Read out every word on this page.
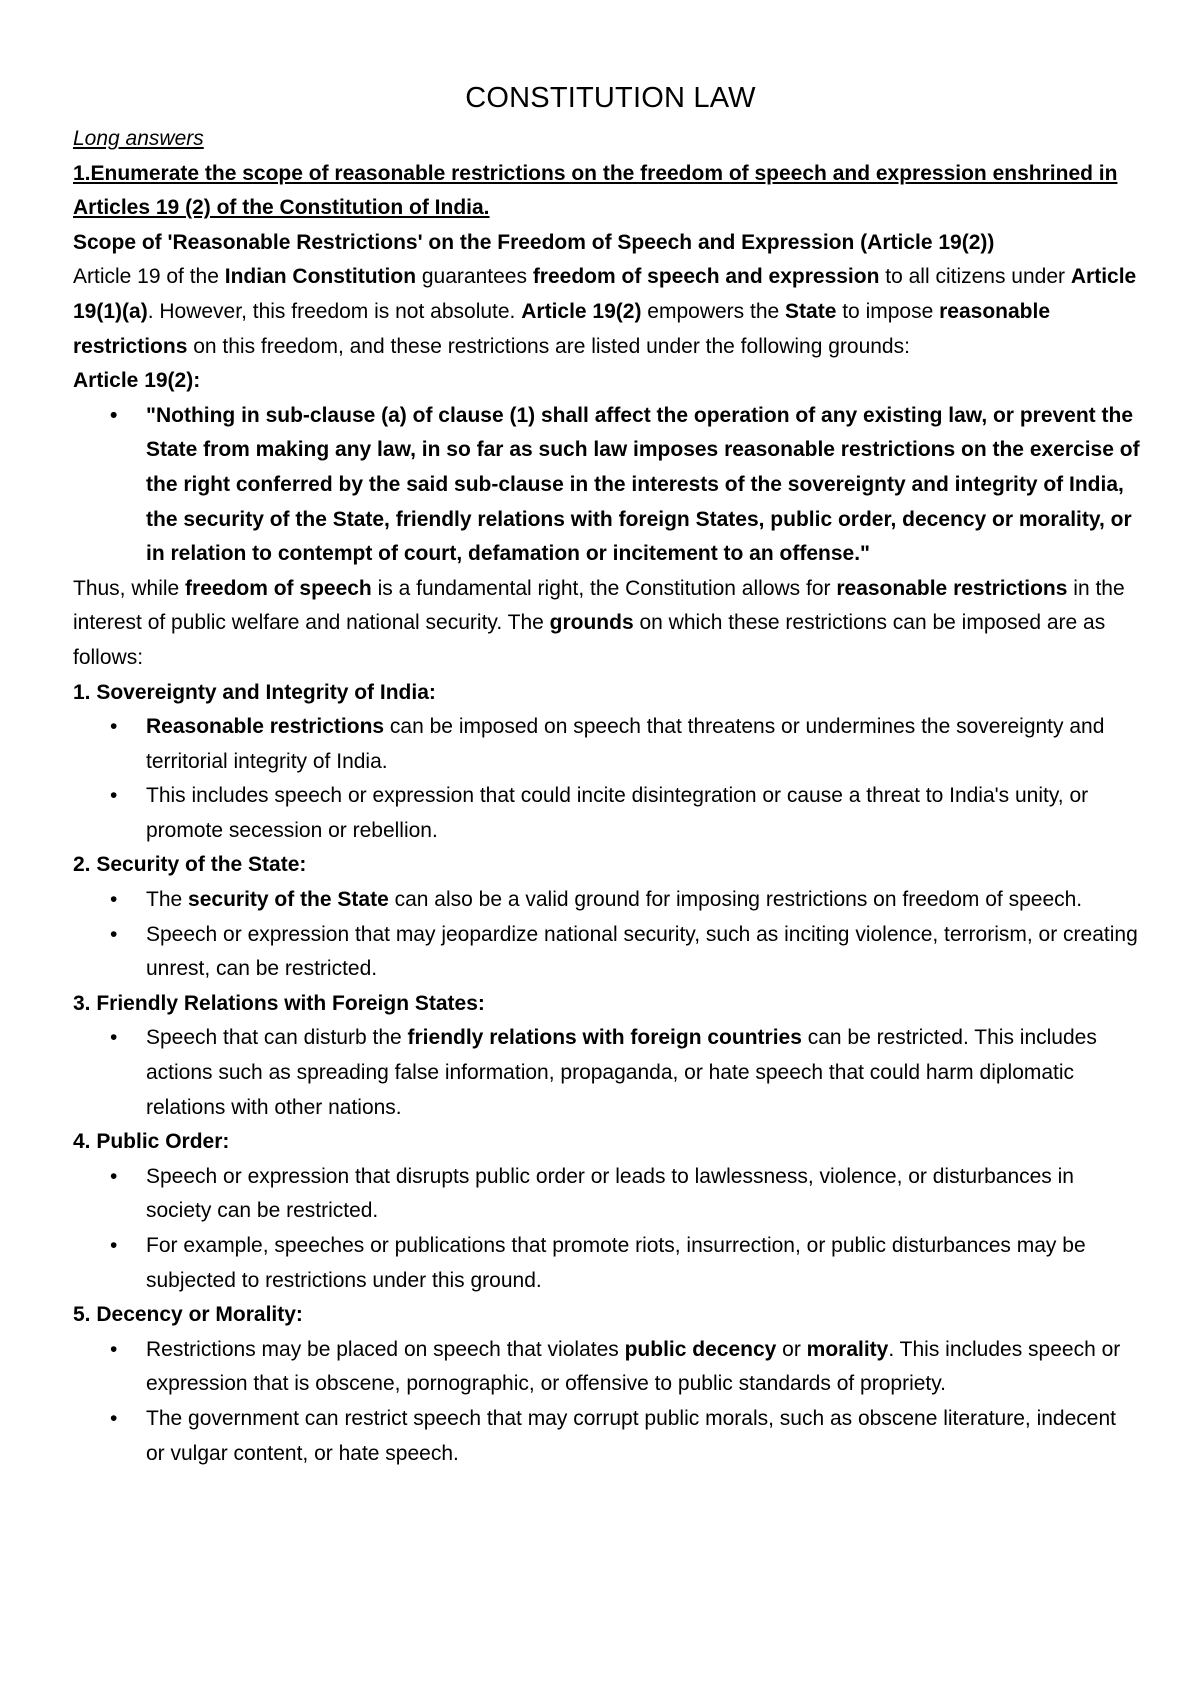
CONSTITUTION LAW

Long answers

1.Enumerate the scope of reasonable restrictions on the freedom of speech and expression enshrined in Articles 19 (2) of the Constitution of India.

Scope of 'Reasonable Restrictions' on the Freedom of Speech and Expression (Article 19(2))

Article 19 of the Indian Constitution guarantees freedom of speech and expression to all citizens under Article 19(1)(a). However, this freedom is not absolute. Article 19(2) empowers the State to impose reasonable restrictions on this freedom, and these restrictions are listed under the following grounds:

Article 19(2):

• "Nothing in sub-clause (a) of clause (1) shall affect the operation of any existing law, or prevent the State from making any law, in so far as such law imposes reasonable restrictions on the exercise of the right conferred by the said sub-clause in the interests of the sovereignty and integrity of India, the security of the State, friendly relations with foreign States, public order, decency or morality, or in relation to contempt of court, defamation or incitement to an offense."

Thus, while freedom of speech is a fundamental right, the Constitution allows for reasonable restrictions in the interest of public welfare and national security. The grounds on which these restrictions can be imposed are as follows:

1. Sovereignty and Integrity of India:

• Reasonable restrictions can be imposed on speech that threatens or undermines the sovereignty and territorial integrity of India.
• This includes speech or expression that could incite disintegration or cause a threat to India's unity, or promote secession or rebellion.

2. Security of the State:

• The security of the State can also be a valid ground for imposing restrictions on freedom of speech.
• Speech or expression that may jeopardize national security, such as inciting violence, terrorism, or creating unrest, can be restricted.

3. Friendly Relations with Foreign States:

• Speech that can disturb the friendly relations with foreign countries can be restricted. This includes actions such as spreading false information, propaganda, or hate speech that could harm diplomatic relations with other nations.

4. Public Order:

• Speech or expression that disrupts public order or leads to lawlessness, violence, or disturbances in society can be restricted.
• For example, speeches or publications that promote riots, insurrection, or public disturbances may be subjected to restrictions under this ground.

5. Decency or Morality:

• Restrictions may be placed on speech that violates public decency or morality. This includes speech or expression that is obscene, pornographic, or offensive to public standards of propriety.
• The government can restrict speech that may corrupt public morals, such as obscene literature, indecent or vulgar content, or hate speech.
